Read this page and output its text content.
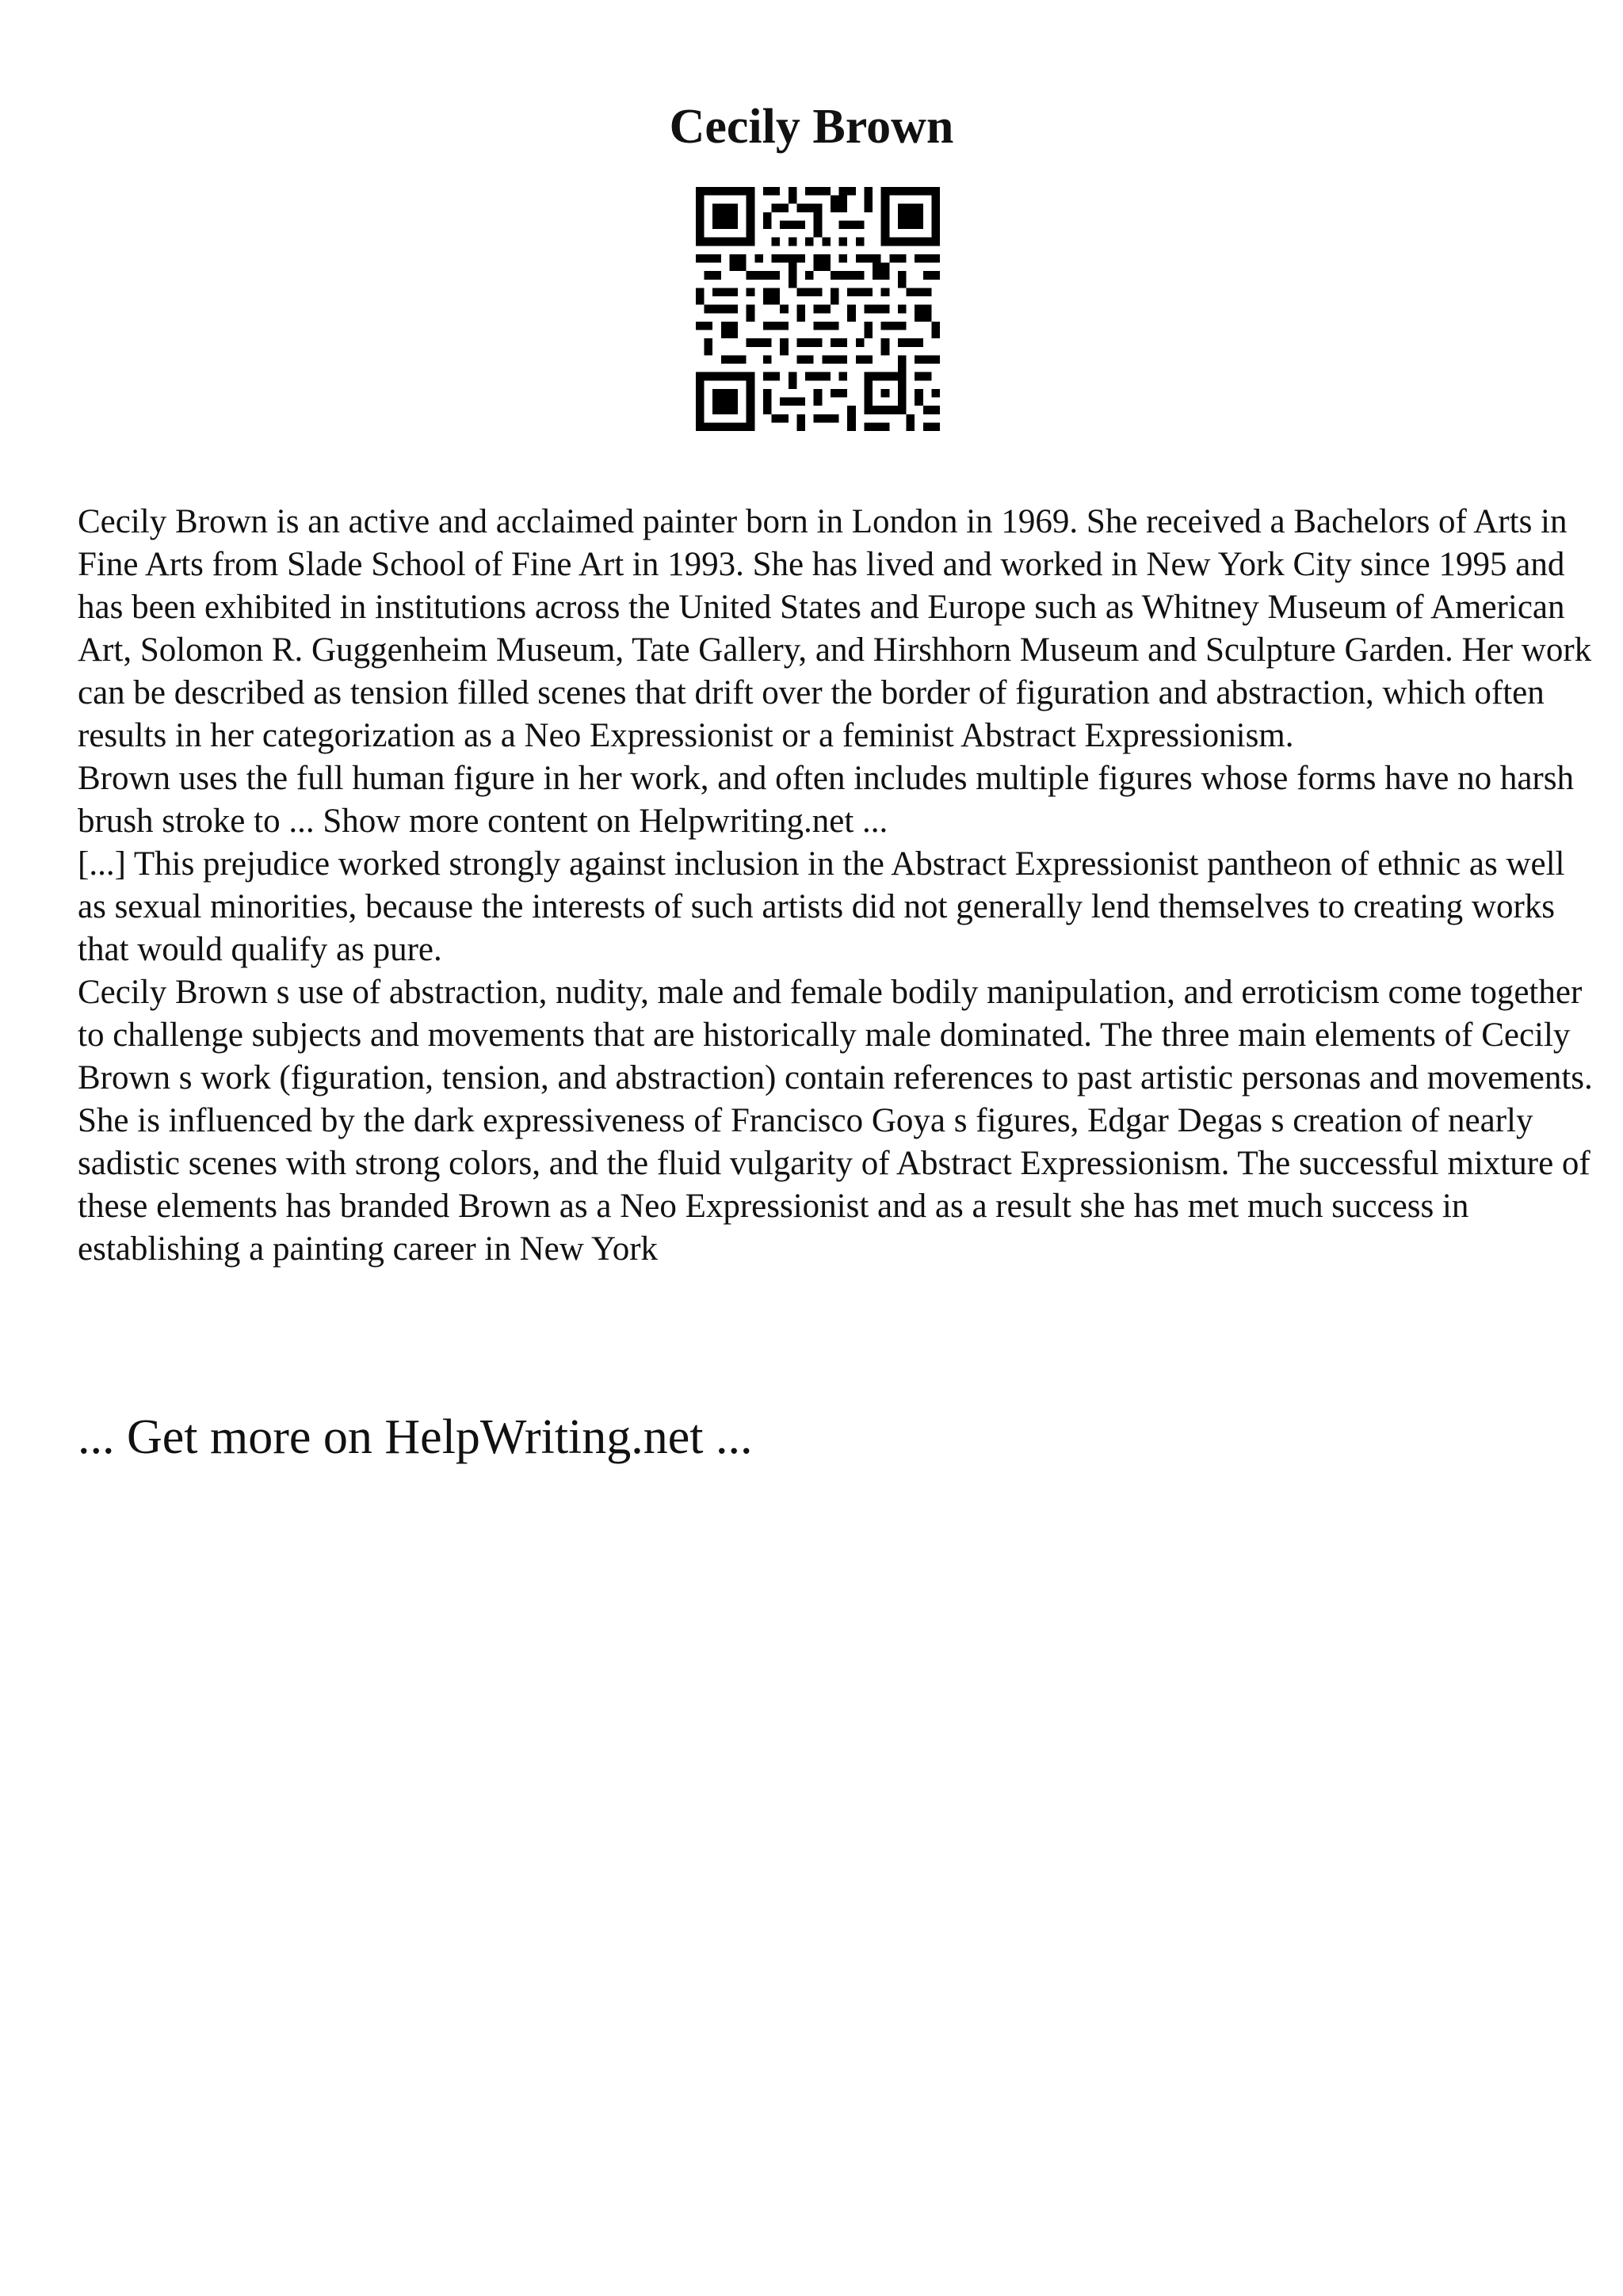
Cecily Brown

Cecily Brown is an active and acclaimed painter born in London in 1969. She received a Bachelors of Arts in Fine Arts from Slade School of Fine Art in 1993. She has lived and worked in New York City since 1995 and has been exhibited in institutions across the United States and Europe such as Whitney Museum of American Art, Solomon R. Guggenheim Museum, Tate Gallery, and Hirshhorn Museum and Sculpture Garden. Her work can be described as tension filled scenes that drift over the border of figuration and abstraction, which often results in her categorization as a Neo Expressionist or a feminist Abstract Expressionism.

Brown uses the full human figure in her work, and often includes multiple figures whose forms have no harsh brush stroke to ... Show more content on Helpwriting.net ...

[...] This prejudice worked strongly against inclusion in the Abstract Expressionist pantheon of ethnic as well as sexual minorities, because the interests of such artists did not generally lend themselves to creating works that would qualify as pure.

Cecily Brown s use of abstraction, nudity, male and female bodily manipulation, and erroticism come together to challenge subjects and movements that are historically male dominated. The three main elements of Cecily Brown s work (figuration, tension, and abstraction) contain references to past artistic personas and movements. She is influenced by the dark expressiveness of Francisco Goya s figures, Edgar Degas s creation of nearly sadistic scenes with strong colors, and the fluid vulgarity of Abstract Expressionism. The successful mixture of these elements has branded Brown as a Neo Expressionist and as a result she has met much success in establishing a painting career in New York

... Get more on HelpWriting.net ...
